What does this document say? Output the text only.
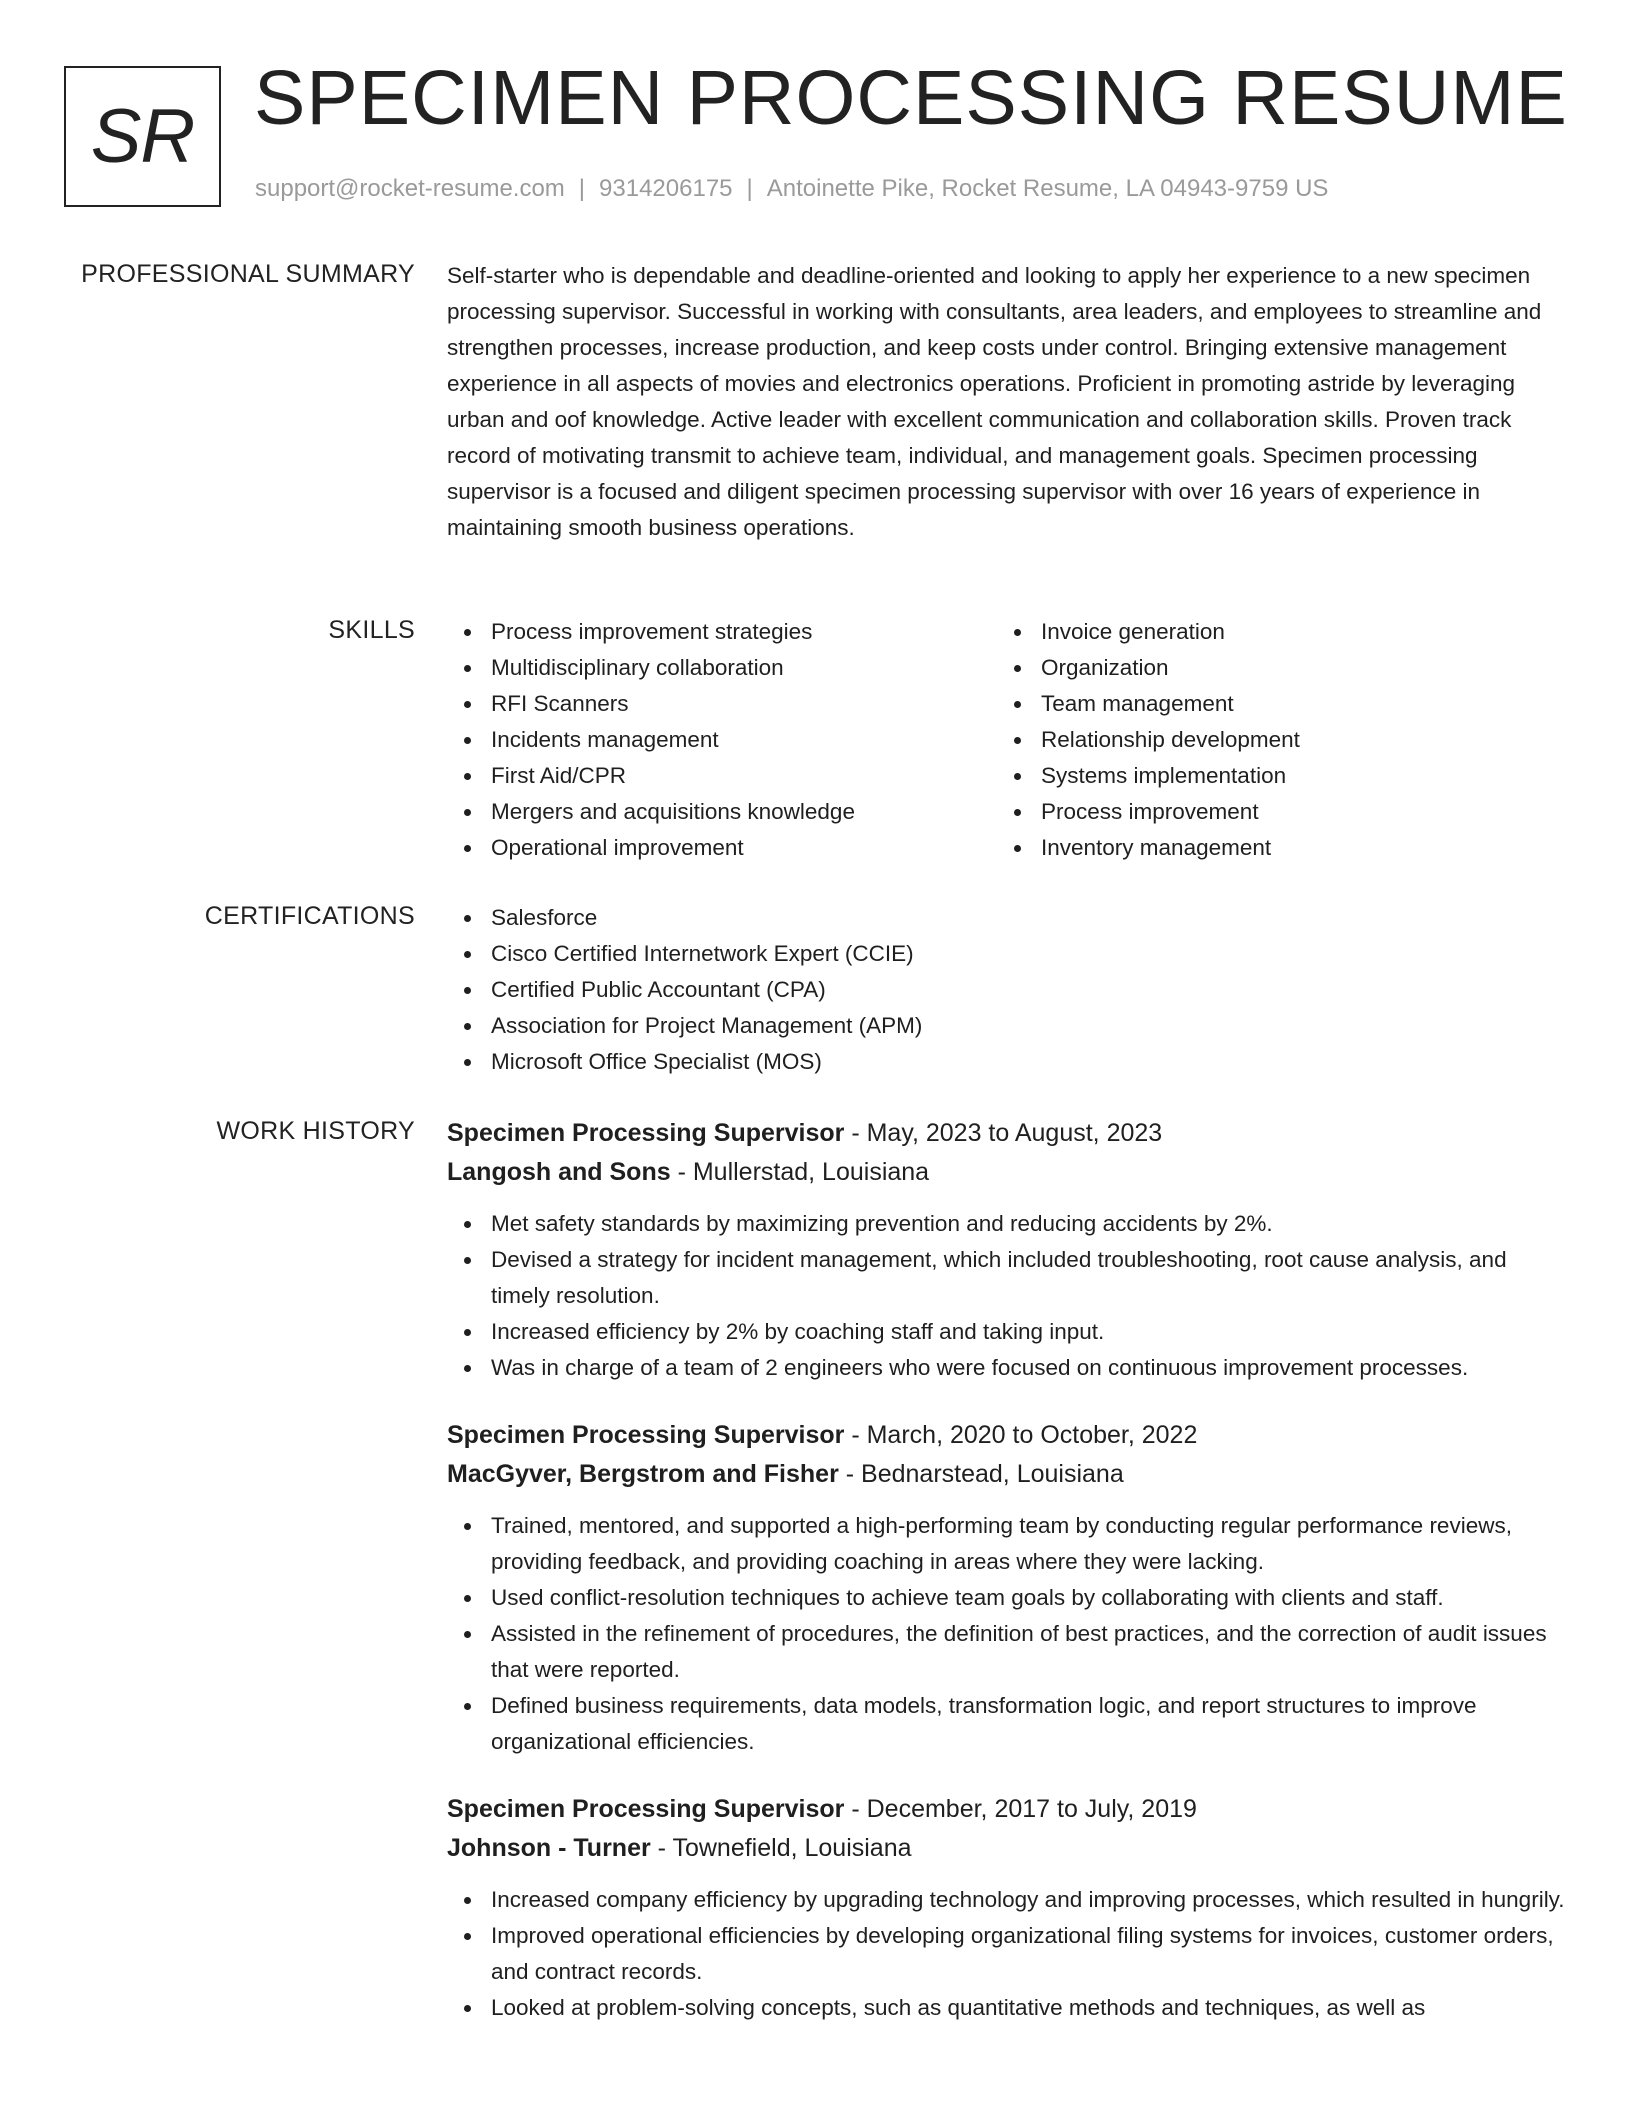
SR SPECIMEN PROCESSING RESUME
support@rocket-resume.com | 9314206175 | Antoinette Pike, Rocket Resume, LA 04943-9759 US
PROFESSIONAL SUMMARY Self-starter who is dependable and deadline-oriented and looking to apply her experience to a new specimen processing supervisor. Successful in working with consultants, area leaders, and employees to streamline and strengthen processes, increase production, and keep costs under control. Bringing extensive management experience in all aspects of movies and electronics operations. Proficient in promoting astride by leveraging urban and oof knowledge. Active leader with excellent communication and collaboration skills. Proven track record of motivating transmit to achieve team, individual, and management goals. Specimen processing supervisor is a focused and diligent specimen processing supervisor with over 16 years of experience in maintaining smooth business operations.

SKILLS	Process improvement strategies
Multidisciplinary collaboration
RFI Scanners
Incidents management
First Aid/CPR
Mergers and acquisitions knowledge
Operational improvement
Invoice generation
Organization
Team management
Relationship development
Systems implementation
Process improvement
Inventory management
CERTIFICATIONS	Salesforce
Cisco Certified Internetwork Expert (CCIE)
Certified Public Accountant (CPA)
Association for Project Management (APM)
Microsoft Office Specialist (MOS)
WORK HISTORY Specimen Processing Supervisor - May, 2023 to August, 2023
Langosh and Sons - Mullerstad, Louisiana
Met safety standards by maximizing prevention and reducing accidents by 2%.
Devised a strategy for incident management, which included troubleshooting, root cause analysis, and timely resolution.
Increased efficiency by 2% by coaching staff and taking input.
Was in charge of a team of 2 engineers who were focused on continuous improvement processes.
Specimen Processing Supervisor - March, 2020 to October, 2022
MacGyver, Bergstrom and Fisher - Bednarstead, Louisiana
Trained, mentored, and supported a high-performing team by conducting regular performance reviews, providing feedback, and providing coaching in areas where they were lacking.
Used conflict-resolution techniques to achieve team goals by collaborating with clients and staff.
Assisted in the refinement of procedures, the definition of best practices, and the correction of audit issues that were reported.
Defined business requirements, data models, transformation logic, and report structures to improve organizational efficiencies.
Specimen Processing Supervisor - December, 2017 to July, 2019
Johnson - Turner - Townefield, Louisiana
Increased company efficiency by upgrading technology and improving processes, which resulted in hungrily.
Improved operational efficiencies by developing organizational filing systems for invoices, customer orders, and contract records.
Looked at problem-solving concepts, such as quantitative methods and techniques, as well as
